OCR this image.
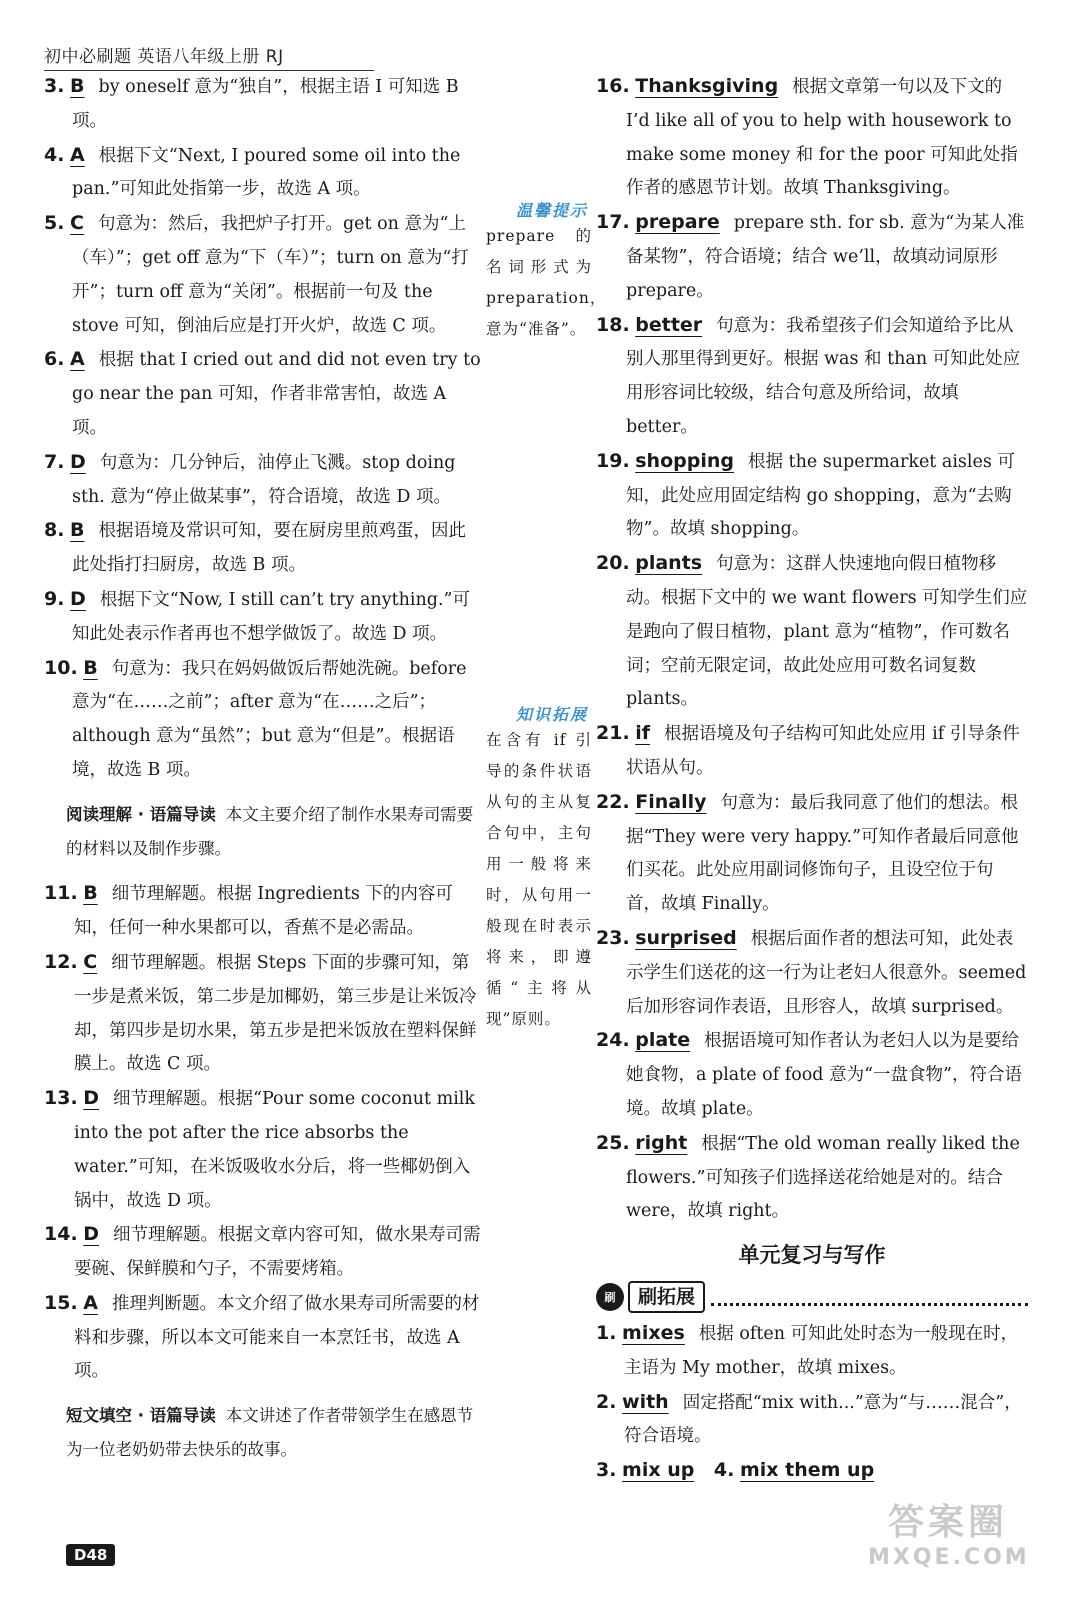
初中必刷题 英语八年级上册 RJ

3. B by oneself 意为“独自”，根据主语 I 可知选 B 项。

4. A 根据下文“Next, I poured some oil into the pan.”可知此处指第一步，故选 A 项。

5. C 句意为：然后，我把炉子打开。get on 意为“上（车）”；get off 意为“下（车）”；turn on 意为“打开”；turn off 意为“关闭”。根据前一句及 the stove 可知，倒油后应是打开火炉，故选 C 项。

6. A 根据 that I cried out and did not even try to go near the pan 可知，作者非常害怕，故选 A 项。

7. D 句意为：几分钟后，油停止飞溅。stop doing sth. 意为“停止做某事”，符合语境，故选 D 项。

8. B 根据语境及常识可知，要在厨房里煎鸡蛋，因此此处指打扫厨房，故选 B 项。

9. D 根据下文“Now, I still can’t try anything.”可知此处表示作者再也不想学做饭了。故选 D 项。

10. B 句意为：我只在妈妈做饭后帮她洗碗。before 意为“在……之前”；after 意为“在……之后”；although 意为“虽然”；but 意为“但是”。根据语境，故选 B 项。

阅读理解 · 语篇导读 本文主要介绍了制作水果寿司需要的材料以及制作步骤。

11. B 细节理解题。根据 Ingredients 下的内容可知，任何一种水果都可以，香蕉不是必需品。

12. C 细节理解题。根据 Steps 下面的步骤可知，第一步是煮米饭，第二步是加椰奶，第三步是让米饭冷却，第四步是切水果，第五步是把米饭放在塑料保鲜膜上。故选 C 项。

13. D 细节理解题。根据“Pour some coconut milk into the pot after the rice absorbs the water.”可知，在米饭吸收水分后，将一些椰奶倒入锅中，故选 D 项。

14. D 细节理解题。根据文章内容可知，做水果寿司需要碗、保鲜膜和勺子，不需要烤箱。

15. A 推理判断题。本文介绍了做水果寿司所需要的材料和步骤，所以本文可能来自一本烹饪书，故选 A 项。

短文填空 · 语篇导读 本文讲述了作者带领学生在感恩节为一位老奶奶带去快乐的故事。

温馨提示
prepare 的名词形式为 preparation，意为“准备”。
知识拓展
在含有 if 引导的条件状语从句的主从复合句中，主句用一般将来时，从句用一般现在时表示将来，即遵循“主将从现”原则。

16. Thanksgiving 根据文章第一句以及下文的 I’d like all of you to help with housework to make some money 和 for the poor 可知此处指作者的感恩节计划。故填 Thanksgiving。

17. prepare prepare sth. for sb. 意为“为某人准备某物”，符合语境；结合 we’ll，故填动词原形 prepare。

18. better 句意为：我希望孩子们会知道给予比从别人那里得到更好。根据 was 和 than 可知此处应用形容词比较级，结合句意及所给词，故填 better。

19. shopping 根据 the supermarket aisles 可知，此处应用固定结构 go shopping，意为“去购物”。故填 shopping。

20. plants 句意为：这群人快速地向假日植物移动。根据下文中的 we want flowers 可知学生们应是跑向了假日植物，plant 意为“植物”，作可数名词；空前无限定词，故此处应用可数名词复数 plants。

21. if 根据语境及句子结构可知此处应用 if 引导条件状语从句。

22. Finally 句意为：最后我同意了他们的想法。根据“They were very happy.”可知作者最后同意他们买花。此处应用副词修饰句子，且设空位于句首，故填 Finally。

23. surprised 根据后面作者的想法可知，此处表示学生们送花的这一行为让老妇人很意外。seemed 后加形容词作表语，且形容人，故填 surprised。

24. plate 根据语境可知作者认为老妇人以为是要给她食物，a plate of food 意为“一盘食物”，符合语境。故填 plate。

25. right 根据“The old woman really liked the flowers.”可知孩子们选择送花给她是对的。结合 were，故填 right。

单元复习与写作
刷	刷拓展

1. mixes 根据 often 可知此处时态为一般现在时，主语为 My mother，故填 mixes。

2. with 固定搭配“mix with...”意为“与……混合”，符合语境。

3. mix up 4. mix them up

D48
答案圈
MXQE.COM
